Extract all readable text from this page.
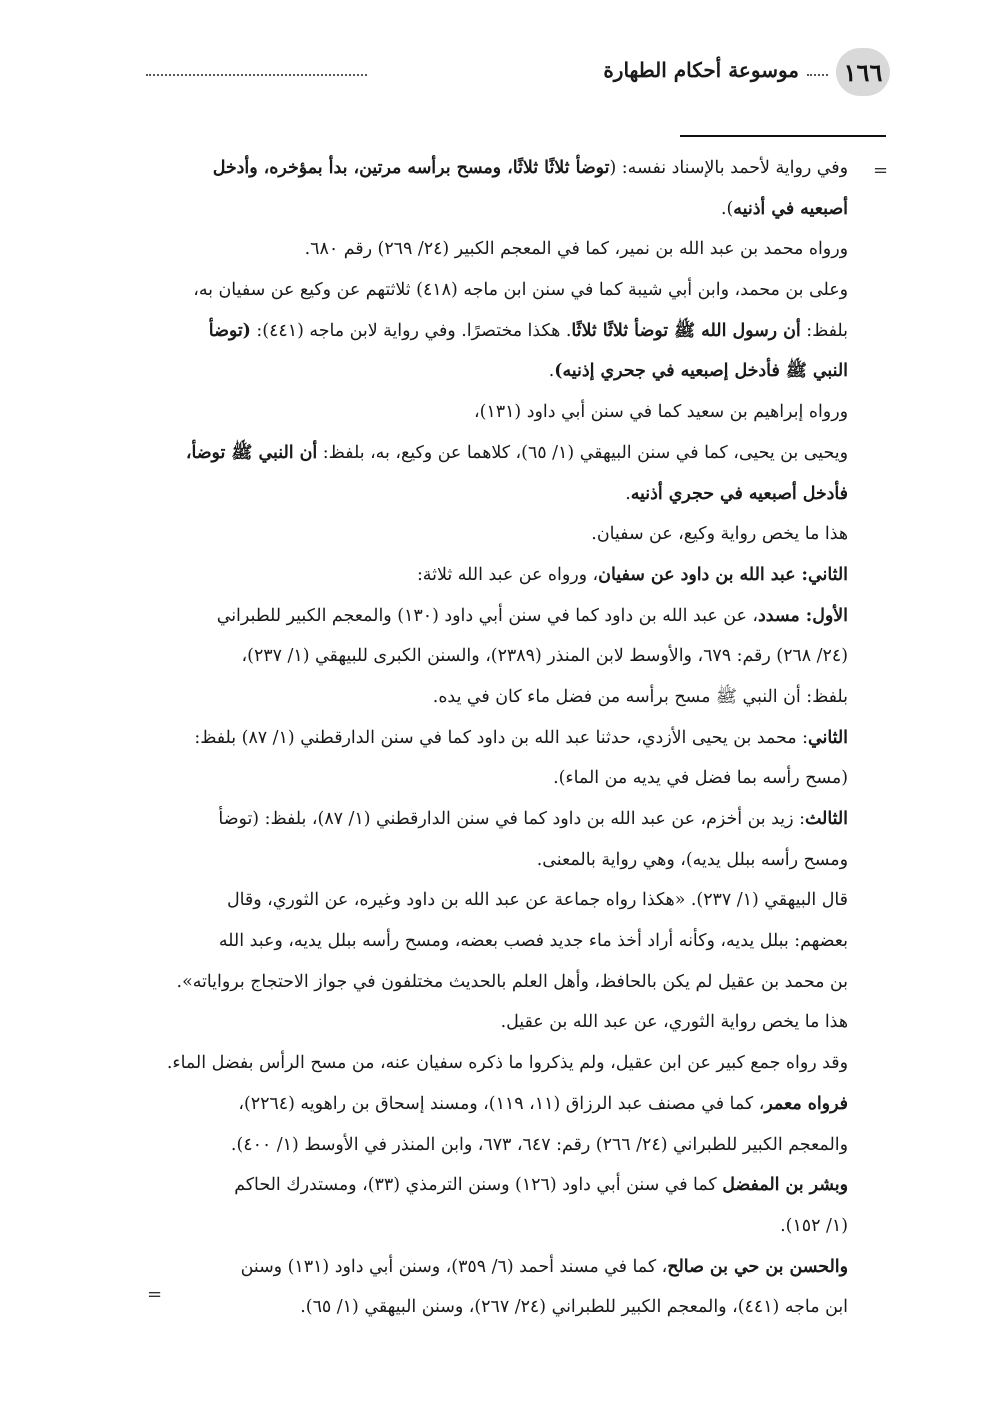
١٦٦
موسوعة أحكام الطهارة
=
=
وفي رواية لأحمد بالإسناد نفسه: (توضأ ثلاثًا ثلاثًا، ومسح برأسه مرتين، بدأ بمؤخره، وأدخل
أصبعيه في أذنيه).
ورواه محمد بن عبد الله بن نمير، كما في المعجم الكبير (٢٤/ ٢٦٩) رقم ٦٨٠.
وعلى بن محمد، وابن أبي شيبة كما في سنن ابن ماجه (٤١٨) ثلاثتهم عن وكيع عن سفيان به،
بلفظ: أن رسول الله ﷺ توضأ ثلاثًا ثلاثًا. هكذا مختصرًا. وفي رواية لابن ماجه (٤٤١): (توضأ
النبي ﷺ فأدخل إصبعيه في جحري إذنيه).
ورواه إبراهيم بن سعيد كما في سنن أبي داود (١٣١)،
ويحيى بن يحيى، كما في سنن البيهقي (١/ ٦٥)، كلاهما عن وكيع، به، بلفظ: أن النبي ﷺ توضأ،
فأدخل أصبعيه في حجري أذنيه.
هذا ما يخص رواية وكيع، عن سفيان.
الثاني: عبد الله بن داود عن سفيان، ورواه عن عبد الله ثلاثة:
الأول: مسدد، عن عبد الله بن داود كما في سنن أبي داود (١٣٠) والمعجم الكبير للطبراني
(٢٤/ ٢٦٨) رقم: ٦٧٩، والأوسط لابن المنذر (٢٣٨٩)، والسنن الكبرى للبيهقي (١/ ٢٣٧)،
بلفظ: أن النبي ﷺ مسح برأسه من فضل ماء كان في يده.
الثاني: محمد بن يحيى الأزدي، حدثنا عبد الله بن داود كما في سنن الدارقطني (١/ ٨٧) بلفظ:
(مسح رأسه بما فضل في يديه من الماء).
الثالث: زيد بن أخزم، عن عبد الله بن داود كما في سنن الدارقطني (١/ ٨٧)، بلفظ: (توضأ
ومسح رأسه ببلل يديه)، وهي رواية بالمعنى.
قال البيهقي (١/ ٢٣٧). «هكذا رواه جماعة عن عبد الله بن داود وغيره، عن الثوري، وقال
بعضهم: ببلل يديه، وكأنه أراد أخذ ماء جديد فصب بعضه، ومسح رأسه ببلل يديه، وعبد الله
بن محمد بن عقيل لم يكن بالحافظ، وأهل العلم بالحديث مختلفون في جواز الاحتجاج برواياته».
هذا ما يخص رواية الثوري، عن عبد الله بن عقيل.
وقد رواه جمع كبير عن ابن عقيل، ولم يذكروا ما ذكره سفيان عنه، من مسح الرأس بفضل الماء.
فرواه معمر، كما في مصنف عبد الرزاق (١١، ١١٩)، ومسند إسحاق بن راهويه (٢٢٦٤)،
والمعجم الكبير للطبراني (٢٤/ ٢٦٦) رقم: ٦٤٧، ٦٧٣، وابن المنذر في الأوسط (١/ ٤٠٠).
وبشر بن المفضل كما في سنن أبي داود (١٢٦) وسنن الترمذي (٣٣)، ومستدرك الحاكم
(١/ ١٥٢).
والحسن بن حي بن صالح، كما في مسند أحمد (٦/ ٣٥٩)، وسنن أبي داود (١٣١) وسنن
ابن ماجه (٤٤١)، والمعجم الكبير للطبراني (٢٤/ ٢٦٧)، وسنن البيهقي (١/ ٦٥).
